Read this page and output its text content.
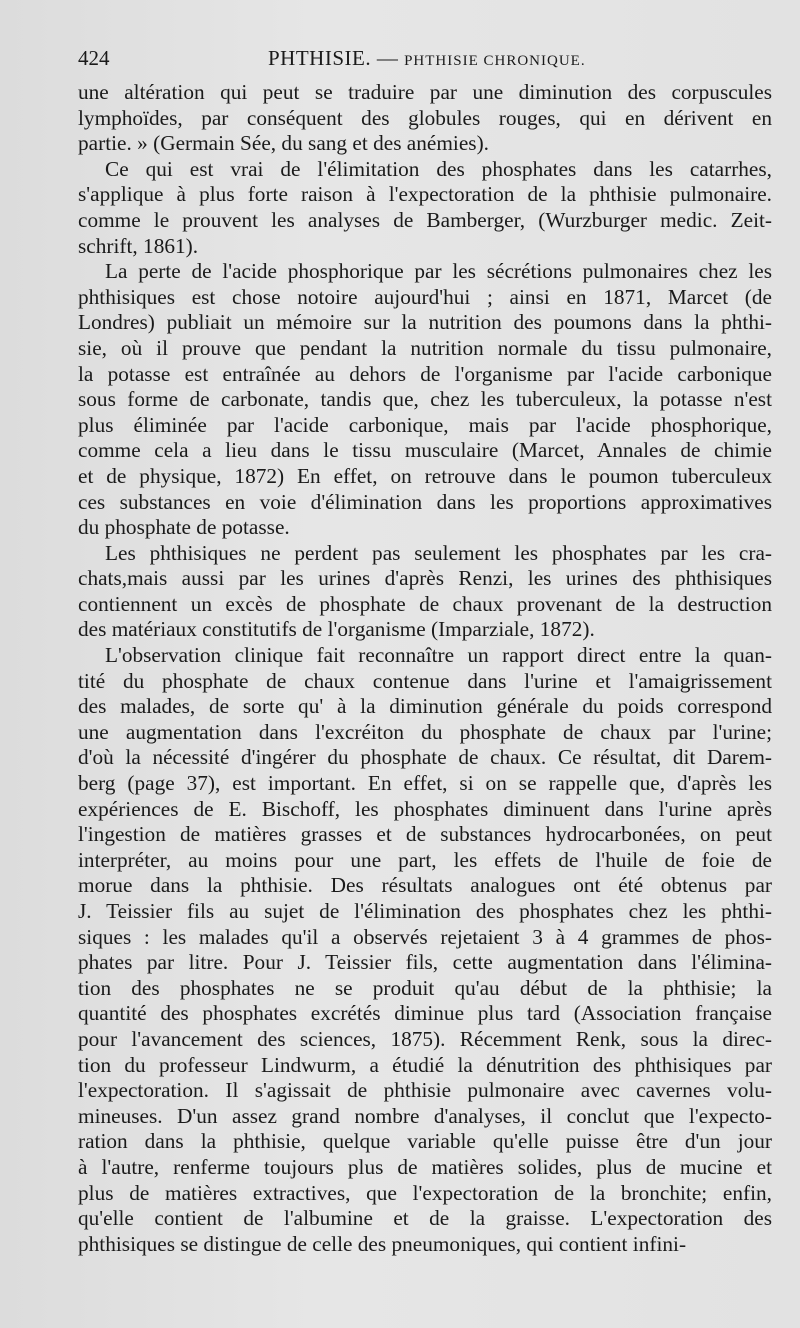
424	PHTHISIE. — PHTHISIE CHRONIQUE.
une altération qui peut se traduire par une diminution des corpuscules
lymphoïdes, par conséquent des globules rouges, qui en dérivent en
partie. » (Germain Sée, du sang et des anémies).
Ce qui est vrai de l'élimitation des phosphates dans les catarrhes,
s'applique à plus forte raison à l'expectoration de la phthisie pulmonaire.
comme le prouvent les analyses de Bamberger, (Wurzburger medic. Zeit-
schrift, 1861).
La perte de l'acide phosphorique par les sécrétions pulmonaires chez les
phthisiques est chose notoire aujourd'hui ; ainsi en 1871, Marcet (de
Londres) publiait un mémoire sur la nutrition des poumons dans la phthi-
sie, où il prouve que pendant la nutrition normale du tissu pulmonaire,
la potasse est entraînée au dehors de l'organisme par l'acide carbonique
sous forme de carbonate, tandis que, chez les tuberculeux, la potasse n'est
plus éliminée par l'acide carbonique, mais par l'acide phosphorique,
comme cela a lieu dans le tissu musculaire (Marcet, Annales de chimie
et de physique, 1872) En effet, on retrouve dans le poumon tuberculeux
ces substances en voie d'élimination dans les proportions approximatives
du phosphate de potasse.
Les phthisiques ne perdent pas seulement les phosphates par les cra-
chats,mais aussi par les urines d'après Renzi, les urines des phthisiques
contiennent un excès de phosphate de chaux provenant de la destruction
des matériaux constitutifs de l'organisme (Imparziale, 1872).
L'observation clinique fait reconnaître un rapport direct entre la quan-
tité du phosphate de chaux contenue dans l'urine et l'amaigrissement
des malades, de sorte qu' à la diminution générale du poids correspond
une augmentation dans l'excréiton du phosphate de chaux par l'urine;
d'où la nécessité d'ingérer du phosphate de chaux. Ce résultat, dit Darem-
berg (page 37), est important. En effet, si on se rappelle que, d'après les
expériences de E. Bischoff, les phosphates diminuent dans l'urine après
l'ingestion de matières grasses et de substances hydrocarbonées, on peut
interpréter, au moins pour une part, les effets de l'huile de foie de
morue dans la phthisie. Des résultats analogues ont été obtenus par
J. Teissier fils au sujet de l'élimination des phosphates chez les phthi-
siques : les malades qu'il a observés rejetaient 3 à 4 grammes de phos-
phates par litre. Pour J. Teissier fils, cette augmentation dans l'élimina-
tion des phosphates ne se produit qu'au début de la phthisie; la
quantité des phosphates excrétés diminue plus tard (Association française
pour l'avancement des sciences, 1875). Récemment Renk, sous la direc-
tion du professeur Lindwurm, a étudié la dénutrition des phthisiques par
l'expectoration. Il s'agissait de phthisie pulmonaire avec cavernes volu-
mineuses. D'un assez grand nombre d'analyses, il conclut que l'expecto-
ration dans la phthisie, quelque variable qu'elle puisse être d'un jour
à l'autre, renferme toujours plus de matières solides, plus de mucine et
plus de matières extractives, que l'expectoration de la bronchite; enfin,
qu'elle contient de l'albumine et de la graisse. L'expectoration des
phthisiques se distingue de celle des pneumoniques, qui contient infini-
